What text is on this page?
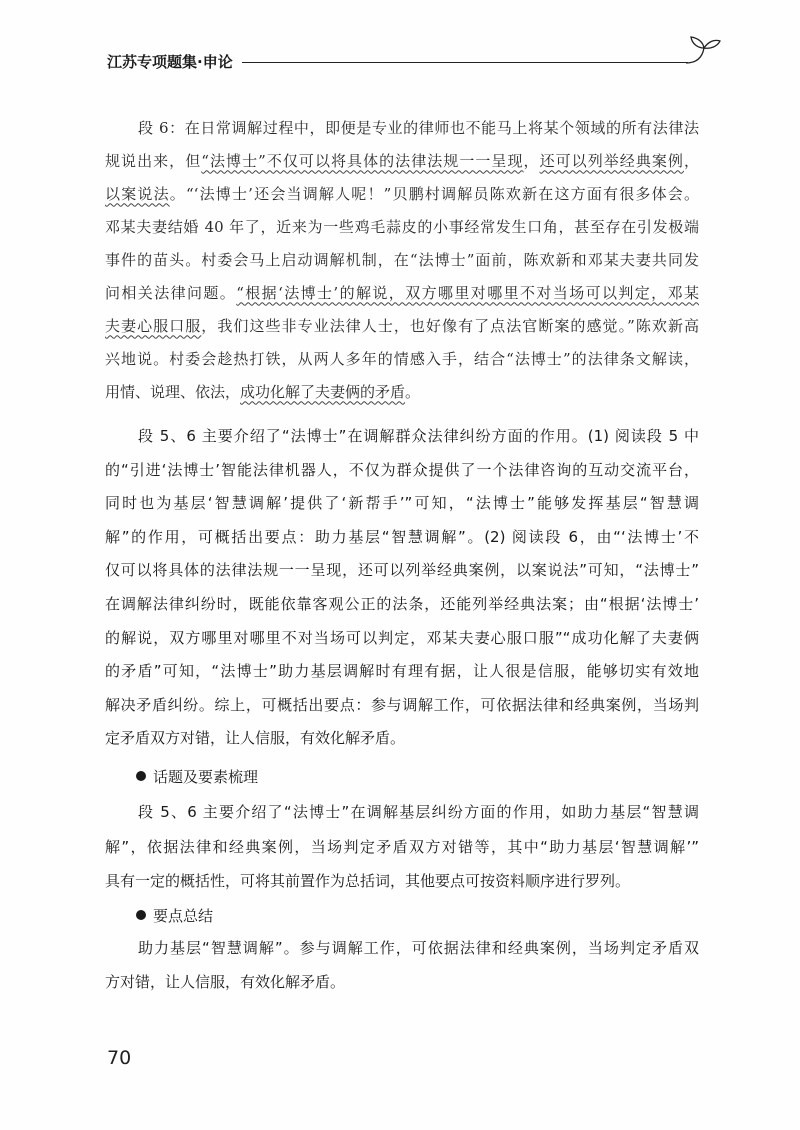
江苏专项题集·申论
段 6：在日常调解过程中，即便是专业的律师也不能马上将某个领域的所有法律法
规说出来，但“法博士”不仅可以将具体的法律法规一一呈现，还可以列举经典案例，
以案说法。“‘法博士’还会当调解人呢！”贝鹏村调解员陈欢新在这方面有很多体会。
邓某夫妻结婚 40 年了，近来为一些鸡毛蒜皮的小事经常发生口角，甚至存在引发极端
事件的苗头。村委会马上启动调解机制，在“法博士”面前，陈欢新和邓某夫妻共同发
问相关法律问题。“根据‘法博士’的解说，双方哪里对哪里不对当场可以判定，邓某
夫妻心服口服，我们这些非专业法律人士，也好像有了点法官断案的感觉。”陈欢新高
兴地说。村委会趁热打铁，从两人多年的情感入手，结合“法博士”的法律条文解读，
用情、说理、依法，成功化解了夫妻俩的矛盾。
段 5、6 主要介绍了“法博士”在调解群众法律纠纷方面的作用。(1) 阅读段 5 中
的“引进‘法博士’智能法律机器人，不仅为群众提供了一个法律咨询的互动交流平台，
同时也为基层‘智慧调解’提供了‘新帮手’”可知，“法博士”能够发挥基层“智慧调
解”的作用，可概括出要点：助力基层“智慧调解”。(2) 阅读段 6，由“‘法博士’不
仅可以将具体的法律法规一一呈现，还可以列举经典案例，以案说法”可知，“法博士”
在调解法律纠纷时，既能依靠客观公正的法条，还能列举经典法案；由“根据‘法博士’
的解说，双方哪里对哪里不对当场可以判定，邓某夫妻心服口服”“成功化解了夫妻俩
的矛盾”可知，“法博士”助力基层调解时有理有据，让人很是信服，能够切实有效地
解决矛盾纠纷。综上，可概括出要点：参与调解工作，可依据法律和经典案例，当场判
定矛盾双方对错，让人信服，有效化解矛盾。
话题及要素梳理
段 5、6 主要介绍了“法博士”在调解基层纠纷方面的作用，如助力基层“智慧调
解”，依据法律和经典案例，当场判定矛盾双方对错等，其中“助力基层‘智慧调解’”
具有一定的概括性，可将其前置作为总括词，其他要点可按资料顺序进行罗列。
要点总结
助力基层“智慧调解”。参与调解工作，可依据法律和经典案例，当场判定矛盾双
方对错，让人信服，有效化解矛盾。
70
